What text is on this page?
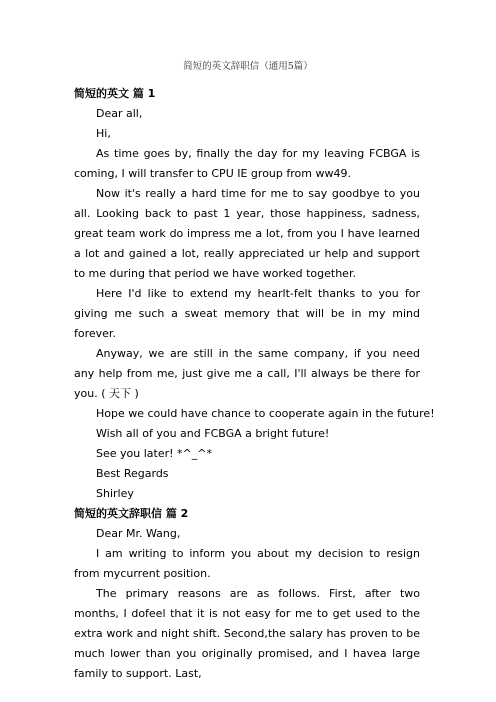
简短的英文辞职信（通用5篇）
简短的英文 篇 1

Dear all,

Hi,

As time goes by, finally the day for my leaving FCBGA is coming, I will transfer to CPU IE group from ww49.

Now it's really a hard time for me to say goodbye to you all. Looking back to past 1 year, those happiness, sadness, great team work do impress me a lot, from you I have learned a lot and gained a lot, really appreciated ur help and support to me during that period we have worked together.

Here I'd like to extend my hearlt-felt thanks to you for giving me such a sweat memory that will be in my mind forever.

Anyway, we are still in the same company, if you need any help from me, just give me a call, I'll always be there for you. ( 天下 )

Hope we could have chance to cooperate again in the future!

Wish all of you and FCBGA a bright future!

See you later! *^_^*

Best Regards

Shirley

简短的英文辞职信 篇 2

Dear Mr. Wang,

I am writing to inform you about my decision to resign from mycurrent position.

The primary reasons are as follows. First, after two months, I dofeel that it is not easy for me to get used to the extra work and night shift. Second,the salary has proven to be much lower than you originally promised, and I havea large family to support. Last,
